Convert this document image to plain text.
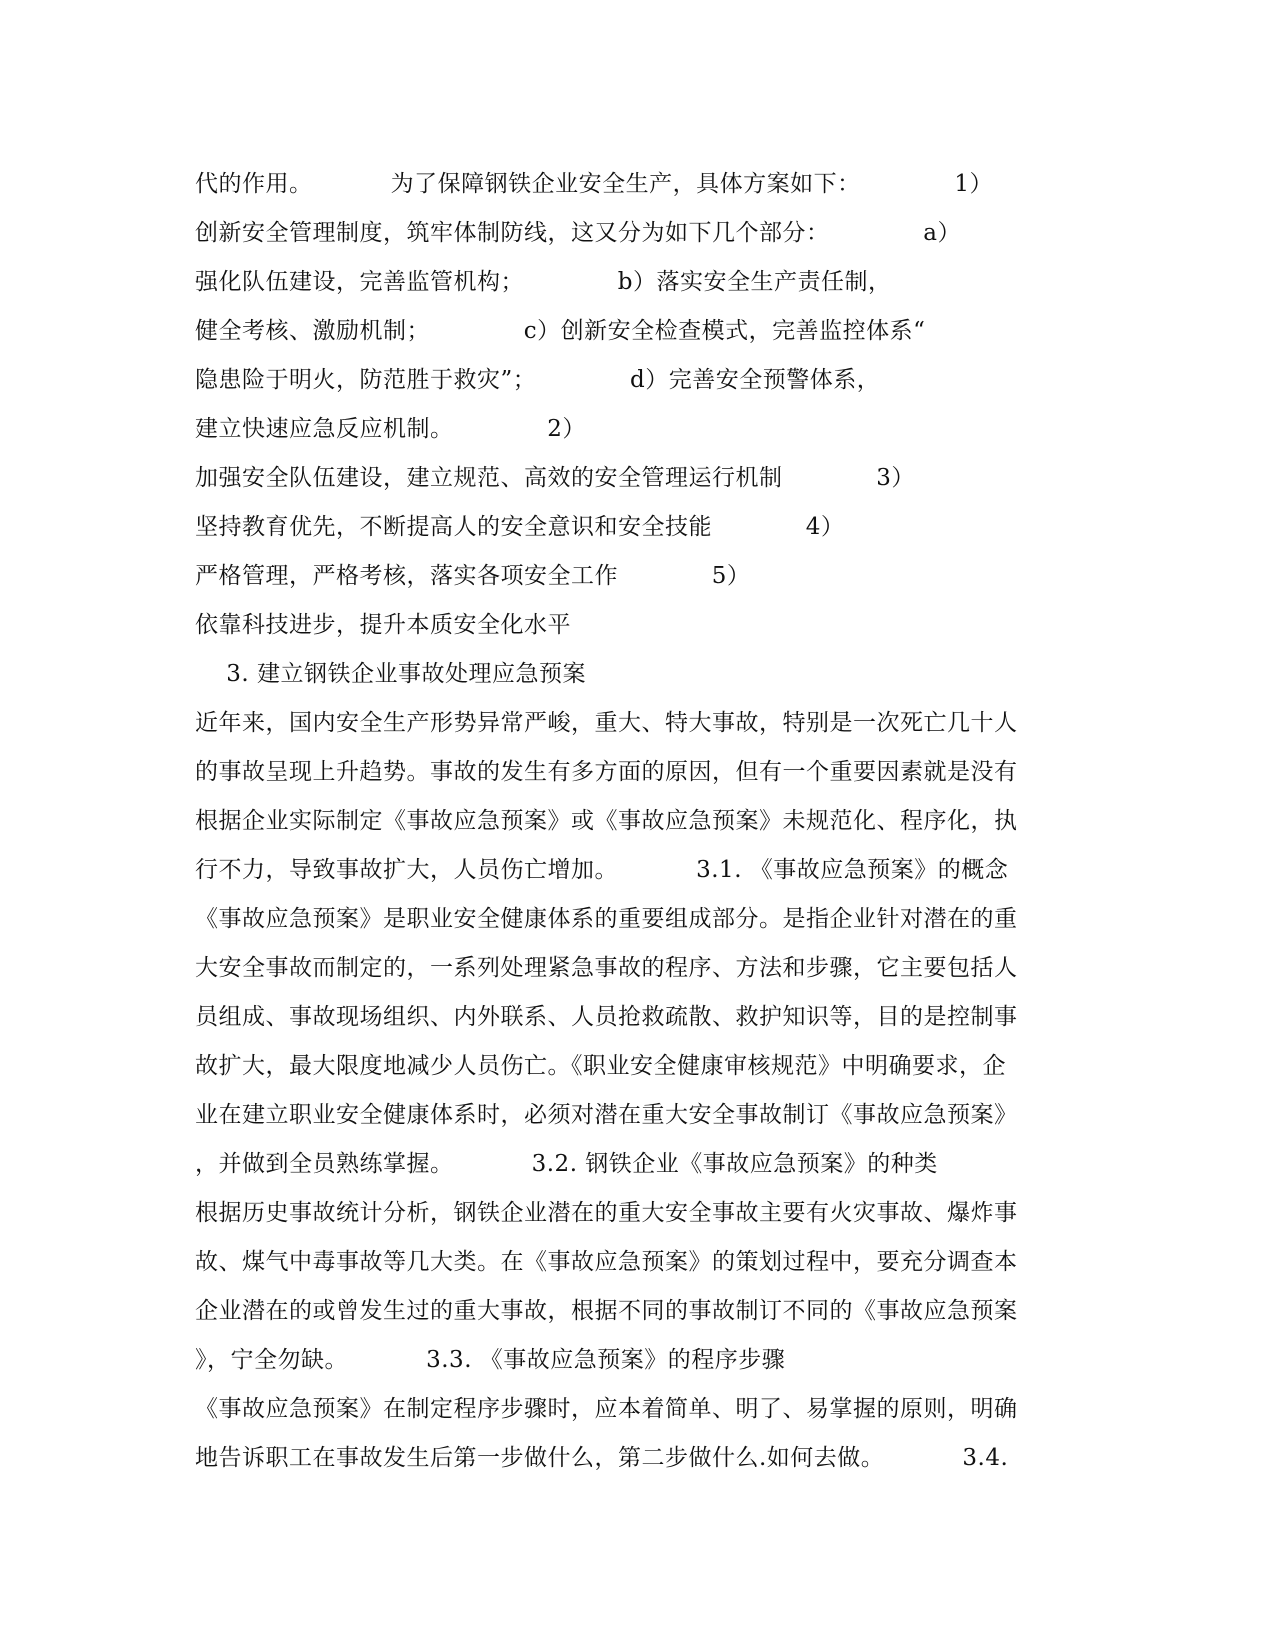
代的作用。          为了保障钢铁企业安全生产，具体方案如下：            1）
创新安全管理制度，筑牢体制防线，这又分为如下几个部分：            a）
强化队伍建设，完善监管机构；            b）落实安全生产责任制，
健全考核、激励机制；            c）创新安全检查模式，完善监控体系“
隐患险于明火，防范胜于救灾”；            d）完善安全预警体系，
建立快速应急反应机制。            2）
加强安全队伍建设，建立规范、高效的安全管理运行机制            3）
坚持教育优先，不断提高人的安全意识和安全技能            4）
严格管理，严格考核，落实各项安全工作            5）
依靠科技进步，提升本质安全化水平
3. 建立钢铁企业事故处理应急预案
近年来，国内安全生产形势异常严峻，重大、特大事故，特别是一次死亡几十人
的事故呈现上升趋势。事故的发生有多方面的原因，但有一个重要因素就是没有
根据企业实际制定《事故应急预案》或《事故应急预案》未规范化、程序化，执
行不力，导致事故扩大，人员伤亡增加。          3.1. 《事故应急预案》的概念
《事故应急预案》是职业安全健康体系的重要组成部分。是指企业针对潜在的重
大安全事故而制定的，一系列处理紧急事故的程序、方法和步骤，它主要包括人
员组成、事故现场组织、内外联系、人员抢救疏散、救护知识等，目的是控制事
故扩大，最大限度地减少人员伤亡。《职业安全健康审核规范》中明确要求，企
业在建立职业安全健康体系时，必须对潜在重大安全事故制订《事故应急预案》
，并做到全员熟练掌握。          3.2. 钢铁企业《事故应急预案》的种类
根据历史事故统计分析，钢铁企业潜在的重大安全事故主要有火灾事故、爆炸事
故、煤气中毒事故等几大类。在《事故应急预案》的策划过程中，要充分调查本
企业潜在的或曾发生过的重大事故，根据不同的事故制订不同的《事故应急预案
》，宁全勿缺。          3.3. 《事故应急预案》的程序步骤
《事故应急预案》在制定程序步骤时，应本着简单、明了、易掌握的原则，明确
地告诉职工在事故发生后第一步做什么，第二步做什么.如何去做。          3.4.
